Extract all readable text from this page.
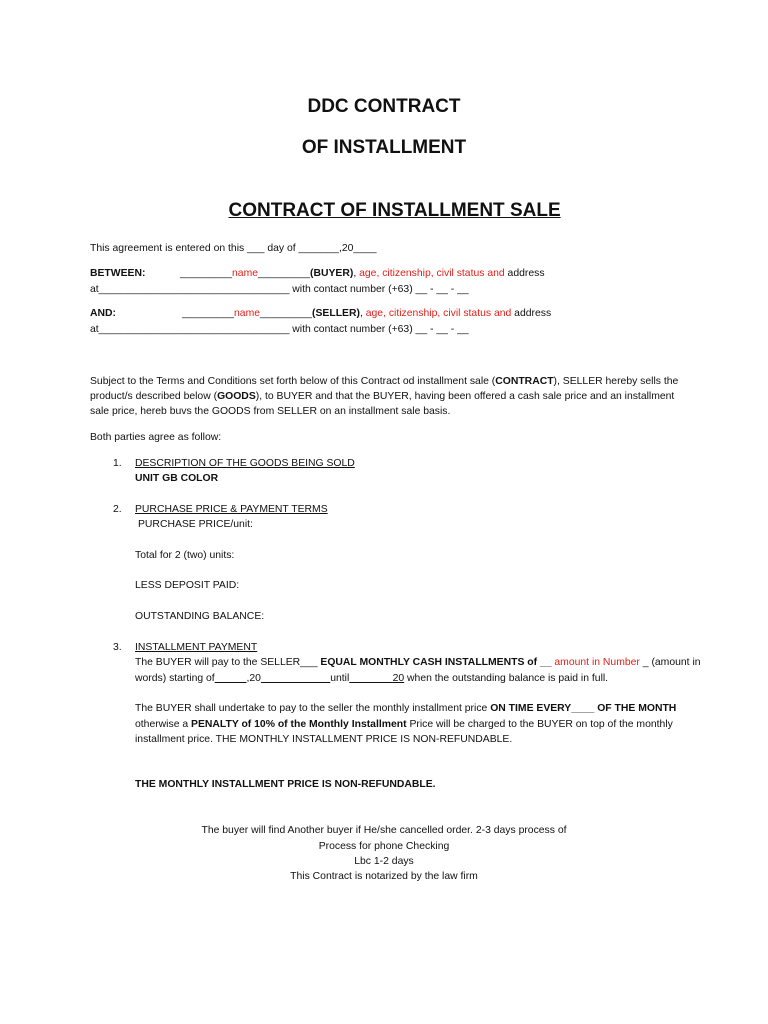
DDC CONTRACT
OF INSTALLMENT

CONTRACT OF INSTALLMENT SALE

This agreement is entered on this ___ day of _______,20____
BETWEEN:	_________name_________(BUYER), age, citizenship, civil status and address
at_________________________________ with contact number (+63) __ - __ - __
AND:	_________name_________(SELLER), age, citizenship, civil status and address
at_________________________________ with contact number (+63) __ - __ - __
Subject to the Terms and Conditions set forth below of this Contract od installment sale (CONTRACT), SELLER hereby sells the
product/s described below (GOODS), to BUYER and that the BUYER, having been offered a cash sale price and an installment
sale price, hereb buvs the GOODS from SELLER on an installment sale basis.
Both parties agree as follow:
1. DESCRIPTION OF THE GOODS BEING SOLD
UNIT GB COLOR
2. PURCHASE PRICE & PAYMENT TERMS
PURCHASE PRICE/unit:
Total for 2 (two) units:
LESS DEPOSIT PAID:
OUTSTANDING BALANCE:
3. INSTALLMENT PAYMENT
The BUYER will pay to the SELLER___ EQUAL MONTHLY CASH INSTALLMENTS of __ amount in Number _ (amount in
words) starting of	,20	until	20 when the outstanding balance is paid in full.
The BUYER shall undertake to pay to the seller the monthly installment price ON TIME EVERY____ OF THE MONTH
otherwise a PENALTY of 10% of the Monthly Installment Price will be charged to the BUYER on top of the monthly
installment price. THE MONTHLY INSTALLMENT PRICE IS NON-REFUNDABLE.
THE MONTHLY INSTALLMENT PRICE IS NON-REFUNDABLE.
The buyer will find Another buyer if He/she cancelled order. 2-3 days process of
Process for phone Checking
Lbc 1-2 days
This Contract is notarized by the law firm
